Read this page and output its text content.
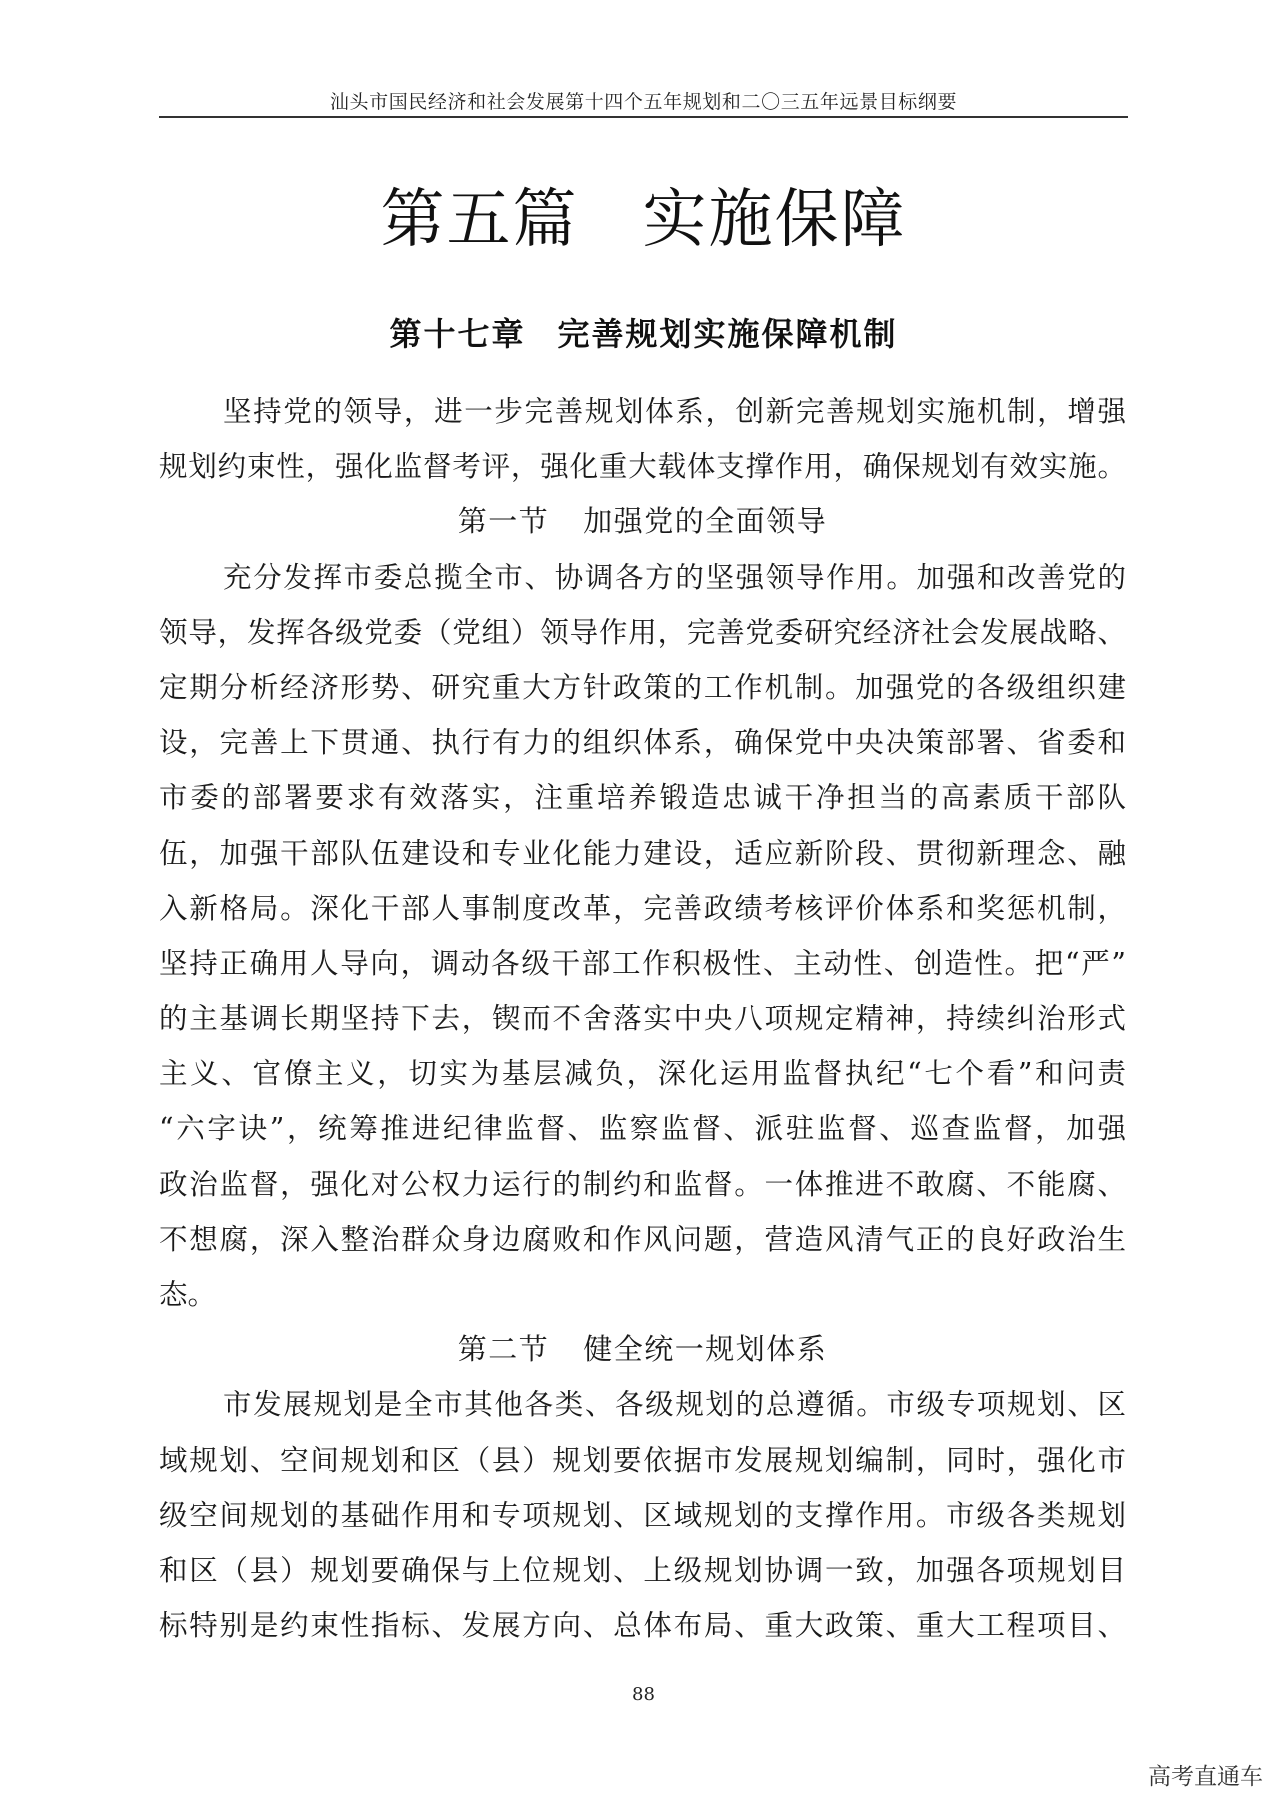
汕头市国民经济和社会发展第十四个五年规划和二〇三五年远景目标纲要
第五篇 实施保障
第十七章 完善规划实施保障机制
坚持党的领导，进一步完善规划体系，创新完善规划实施机制，增强
规划约束性，强化监督考评，强化重大载体支撑作用，确保规划有效实施。
第一节 加强党的全面领导
充分发挥市委总揽全市、协调各方的坚强领导作用。加强和改善党的
领导，发挥各级党委（党组）领导作用，完善党委研究经济社会发展战略、
定期分析经济形势、研究重大方针政策的工作机制。加强党的各级组织建
设，完善上下贯通、执行有力的组织体系，确保党中央决策部署、省委和
市委的部署要求有效落实，注重培养锻造忠诚干净担当的高素质干部队
伍，加强干部队伍建设和专业化能力建设，适应新阶段、贯彻新理念、融
入新格局。深化干部人事制度改革，完善政绩考核评价体系和奖惩机制，
坚持正确用人导向，调动各级干部工作积极性、主动性、创造性。把“严”
的主基调长期坚持下去，锲而不舍落实中央八项规定精神，持续纠治形式
主义、官僚主义，切实为基层减负，深化运用监督执纪“七个看”和问责
“六字诀”，统筹推进纪律监督、监察监督、派驻监督、巡查监督，加强
政治监督，强化对公权力运行的制约和监督。一体推进不敢腐、不能腐、
不想腐，深入整治群众身边腐败和作风问题，营造风清气正的良好政治生
态。
第二节 健全统一规划体系
市发展规划是全市其他各类、各级规划的总遵循。市级专项规划、区
域规划、空间规划和区（县）规划要依据市发展规划编制，同时，强化市
级空间规划的基础作用和专项规划、区域规划的支撑作用。市级各类规划
和区（县）规划要确保与上位规划、上级规划协调一致，加强各项规划目
标特别是约束性指标、发展方向、总体布局、重大政策、重大工程项目、
88
高考直通车
